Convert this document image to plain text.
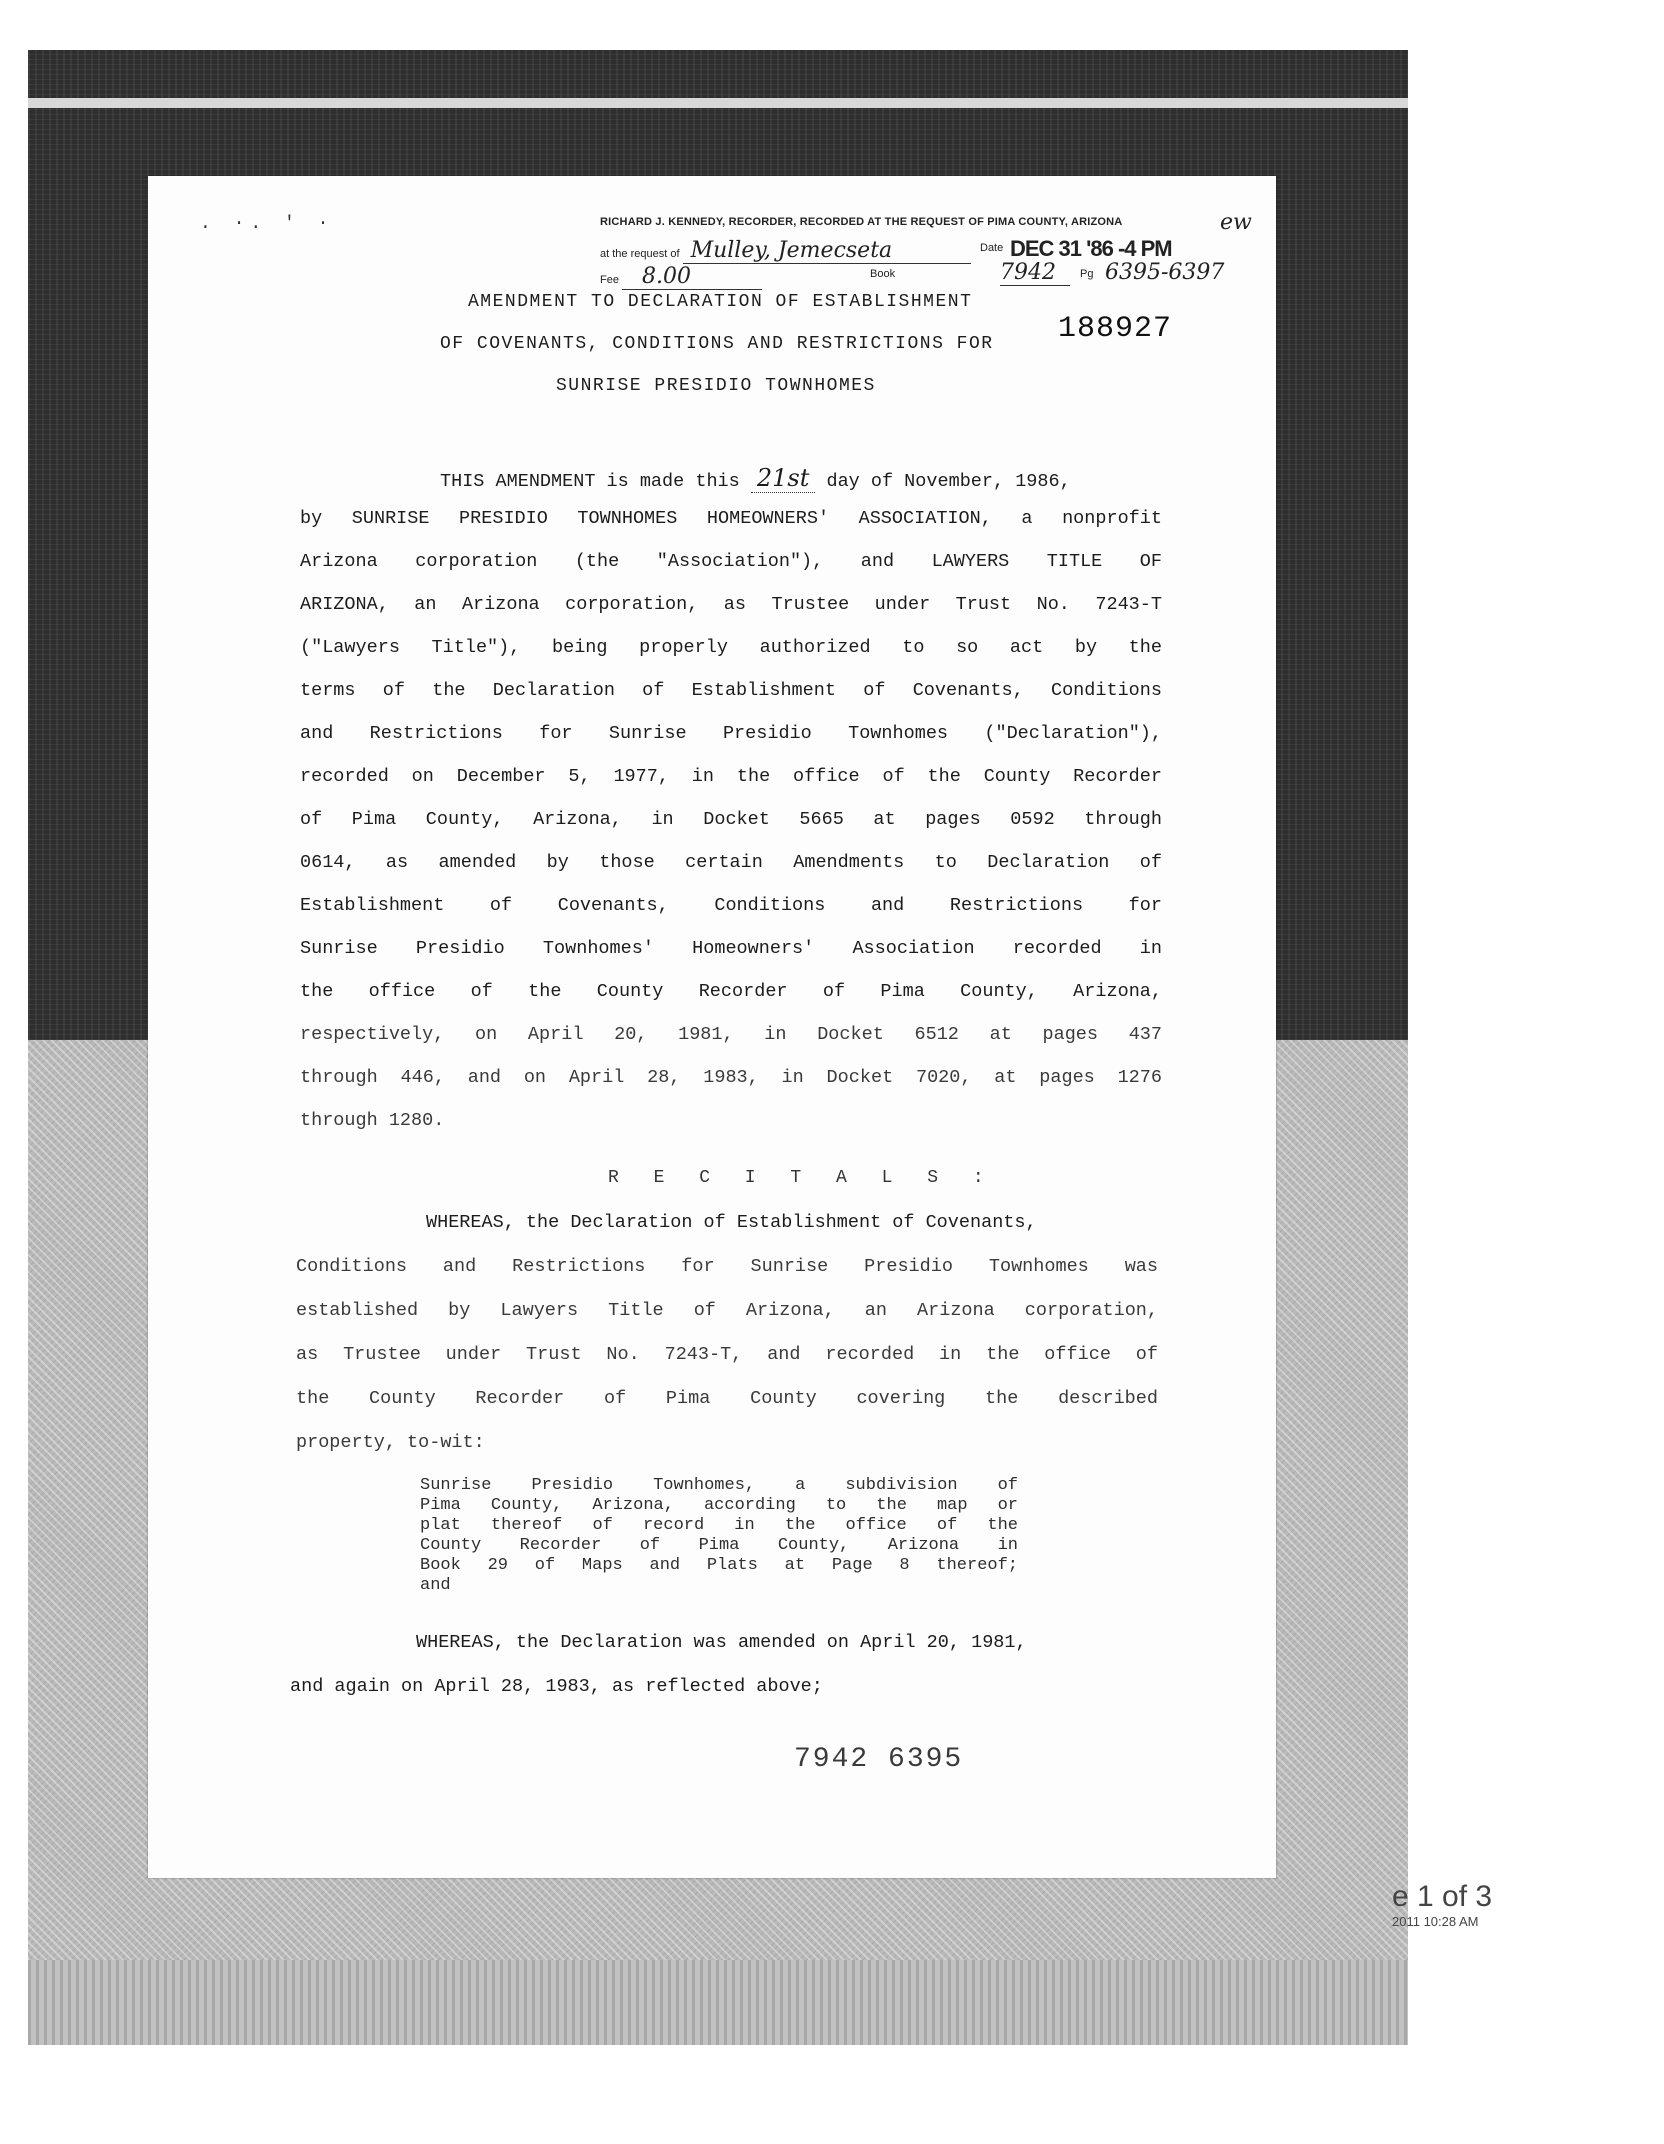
e 1 of 3
2011 10:28 AM
. ·. ' ·	RICHARD J. KENNEDY, RECORDER, RECORDED AT THE REQUEST OF PIMA COUNTY, ARIZONA	ew
at the request of Mulley, Jemecseta	Date DEC 31 '86 -4 PM
Fee 8.00	Book	7942	Pg 6395-6397
188927
AMENDMENT TO DECLARATION OF ESTABLISHMENT
OF COVENANTS, CONDITIONS AND RESTRICTIONS FOR
SUNRISE PRESIDIO TOWNHOMES
THIS AMENDMENT is made this 21st day of November, 1986,
by SUNRISE PRESIDIO TOWNHOMES HOMEOWNERS' ASSOCIATION, a nonprofit
Arizona corporation (the "Association"), and LAWYERS TITLE OF
ARIZONA, an Arizona corporation, as Trustee under Trust No. 7243-T
("Lawyers Title"), being properly authorized to so act by the
terms of the Declaration of Establishment of Covenants, Conditions
and Restrictions for Sunrise Presidio Townhomes ("Declaration"),
recorded on December 5, 1977, in the office of the County Recorder
of Pima County, Arizona, in Docket 5665 at pages 0592 through
0614, as amended by those certain Amendments to Declaration of
Establishment of Covenants, Conditions and Restrictions for
Sunrise Presidio Townhomes' Homeowners' Association recorded in
the office of the County Recorder of Pima County, Arizona,
respectively, on April 20, 1981, in Docket 6512 at pages 437
through 446, and on April 28, 1983, in Docket 7020, at pages 1276
through 1280.
R E C I T A L S :
WHEREAS, the Declaration of Establishment of Covenants,
Conditions and Restrictions for Sunrise Presidio Townhomes was
established by Lawyers Title of Arizona, an Arizona corporation,
as Trustee under Trust No. 7243-T, and recorded in the office of
the County Recorder of Pima County covering the described
property, to-wit:
Sunrise Presidio Townhomes, a subdivision of
Pima County, Arizona, according to the map or
plat thereof of record in the office of the
County Recorder of Pima County, Arizona in
Book 29 of Maps and Plats at Page 8 thereof;
and
WHEREAS, the Declaration was amended on April 20, 1981,
and again on April 28, 1983, as reflected above;
7942 6395
